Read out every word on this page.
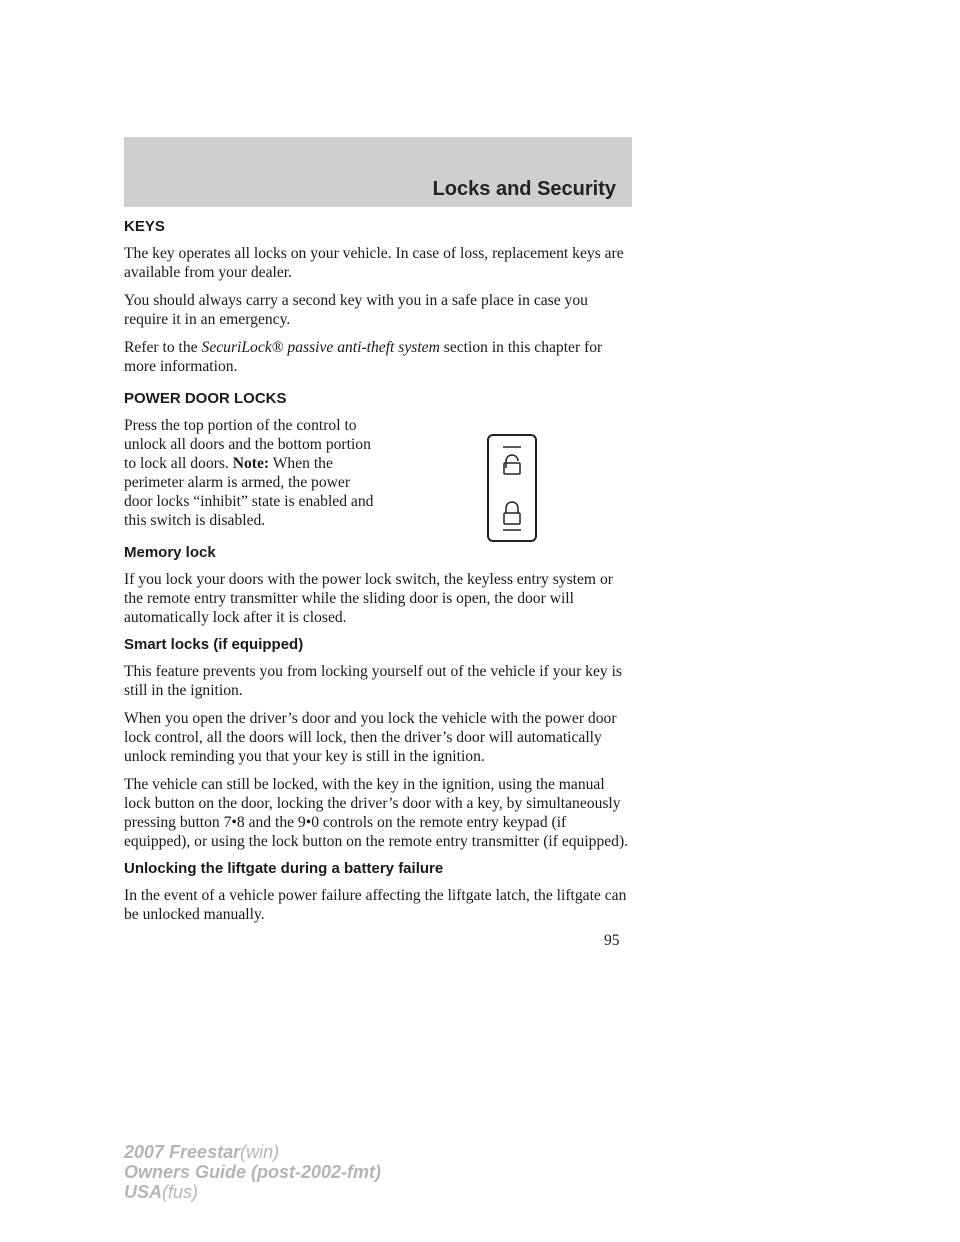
Locks and Security
KEYS

The key operates all locks on your vehicle. In case of loss, replacement keys are available from your dealer.

You should always carry a second key with you in a safe place in case you require it in an emergency.

Refer to the SecuriLock® passive anti-theft system section in this chapter for more information.

POWER DOOR LOCKS

Press the top portion of the control to unlock all doors and the bottom portion to lock all doors. Note: When the perimeter alarm is armed, the power door locks “inhibit” state is enabled and this switch is disabled.

Memory lock

If you lock your doors with the power lock switch, the keyless entry system or the remote entry transmitter while the sliding door is open, the door will automatically lock after it is closed.

Smart locks (if equipped)

This feature prevents you from locking yourself out of the vehicle if your key is still in the ignition.

When you open the driver’s door and you lock the vehicle with the power door lock control, all the doors will lock, then the driver’s door will automatically unlock reminding you that your key is still in the ignition.

The vehicle can still be locked, with the key in the ignition, using the manual lock button on the door, locking the driver’s door with a key, by simultaneously pressing button 7•8 and the 9•0 controls on the remote entry keypad (if equipped), or using the lock button on the remote entry transmitter (if equipped).

Unlocking the liftgate during a battery failure

In the event of a vehicle power failure affecting the liftgate latch, the liftgate can be unlocked manually.

95
2007 Freestar(win)
Owners Guide (post-2002-fmt)
USA(fus)
